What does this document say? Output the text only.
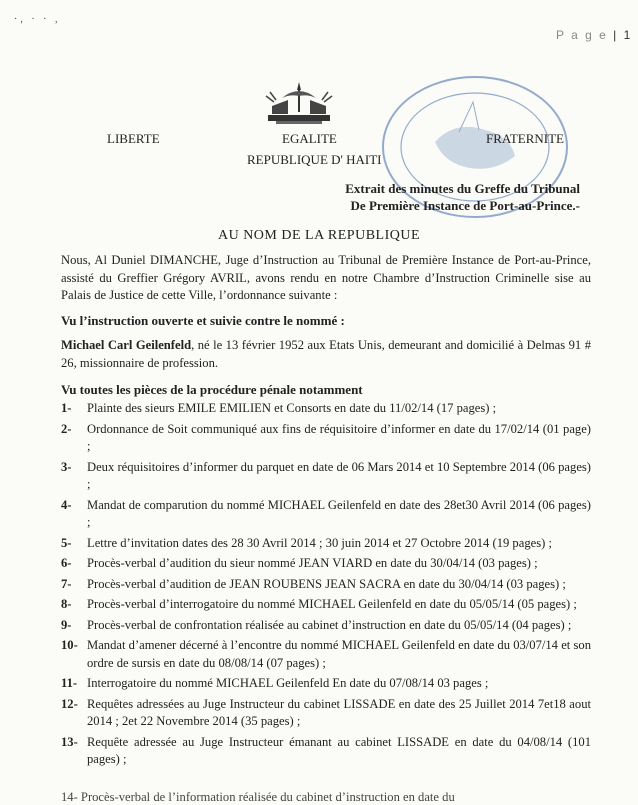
·, · · ,
P a g e | 1
LIBERTE	EGALITE	FRATERNITE
REPUBLIQUE D' HAITI
Extrait des minutes du Greffe du Tribunal
De Première Instance de Port-au-Prince.-
AU NOM DE LA REPUBLIQUE
Nous, Al Duniel DIMANCHE, Juge d’Instruction au Tribunal de Première Instance de Port-au-Prince, assisté du Greffier Grégory AVRIL, avons rendu en notre Chambre d’Instruction Criminelle sise au Palais de Justice de cette Ville, l’ordonnance suivante :
Vu l’instruction ouverte et suivie contre le nommé :
Michael Carl Geilenfeld, né le 13 février 1952 aux Etats Unis, demeurant and domicilié à Delmas 91 # 26, missionnaire de profession.
Vu toutes les pièces de la procédure pénale notamment
1- Plainte des sieurs EMILE EMILIEN et Consorts en date du 11/02/14 (17 pages) ;
2- Ordonnance de Soit communiqué aux fins de réquisitoire d’informer en date du 17/02/14 (01 page) ;
3- Deux réquisitoires d’informer du parquet en date de 06 Mars 2014 et 10 Septembre 2014 (06 pages) ;
4- Mandat de comparution du nommé MICHAEL Geilenfeld en date des 28et30 Avril 2014 (06 pages) ;
5- Lettre d’invitation dates des 28 30 Avril 2014 ; 30 juin 2014 et 27 Octobre 2014 (19 pages) ;
6- Procès-verbal d’audition du sieur nommé JEAN VIARD en date du 30/04/14 (03 pages) ;
7- Procès-verbal d’audition de JEAN ROUBENS JEAN SACRA en date du 30/04/14 (03 pages) ;
8- Procès-verbal d’interrogatoire du nommé MICHAEL Geilenfeld en date du 05/05/14 (05 pages) ;
9- Procès-verbal de confrontation réalisée au cabinet d’instruction en date du 05/05/14 (04 pages) ;
10- Mandat d’amener décerné à l’encontre du nommé MICHAEL Geilenfeld en date du 03/07/14 et son ordre de sursis en date du 08/08/14 (07 pages) ;
11- Interrogatoire du nommé MICHAEL Geilenfeld En date du 07/08/14 03 pages ;
12- Requêtes adressées au Juge Instructeur du cabinet LISSADE en date des 25 Juillet 2014 7et18 aout 2014 ; 2et 22 Novembre 2014 (35 pages) ;
13- Requête adressée au Juge Instructeur émanant au cabinet LISSADE en date du 04/08/14 (101 pages) ;
14- Procès-verbal de l’information réalisée du cabinet d’instruction en date du
